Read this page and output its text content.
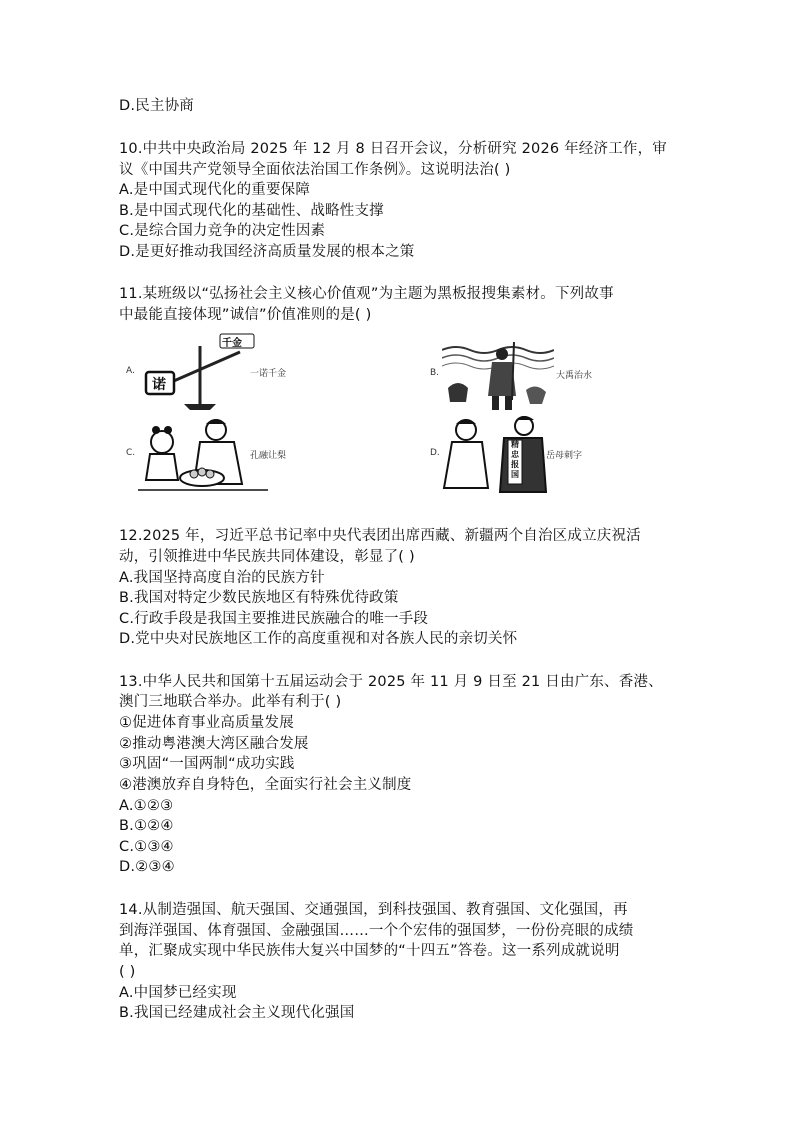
D.民主协商
10.中共中央政治局 2025 年 12 月 8 日召开会议，分析研究 2026 年经济工作，审
议《中国共产党领导全面依法治国工作条例》。这说明法治( )
A.是中国式现代化的重要保障
B.是中国式现代化的基础性、战略性支撑
C.是综合国力竞争的决定性因素
D.是更好推动我国经济高质量发展的根本之策
11.某班级以“弘扬社会主义核心价值观”为主题为黑板报搜集素材。下列故事
中最能直接体现”诚信”价值准则的是( )
A.
诺
千金
一诺千金	B.	大禹治水
C.	孔融让梨	D.
精忠报国
岳母刺字
12.2025 年，习近平总书记率中央代表团出席西藏、新疆两个自治区成立庆祝活
动，引领推进中华民族共同体建设，彰显了( )
A.我国坚持高度自治的民族方针
B.我国对特定少数民族地区有特殊优待政策
C.行政手段是我国主要推进民族融合的唯一手段
D.党中央对民族地区工作的高度重视和对各族人民的亲切关怀
13.中华人民共和国第十五届运动会于 2025 年 11 月 9 日至 21 日由广东、香港、
澳门三地联合举办。此举有利于( )
①促进体育事业高质量发展
②推动粤港澳大湾区融合发展
③巩固“一国两制“成功实践
④港澳放弃自身特色，全面实行社会主义制度
A.①②③
B.①②④
C.①③④
D.②③④
14.从制造强国、航天强国、交通强国，到科技强国、教育强国、文化强国，再
到海洋强国、体育强国、金融强国……一个个宏伟的强国梦，一份份亮眼的成绩
单，汇聚成实现中华民族伟大复兴中国梦的“十四五”答卷。这一系列成就说明
( )
A.中国梦已经实现
B.我国已经建成社会主义现代化强国
